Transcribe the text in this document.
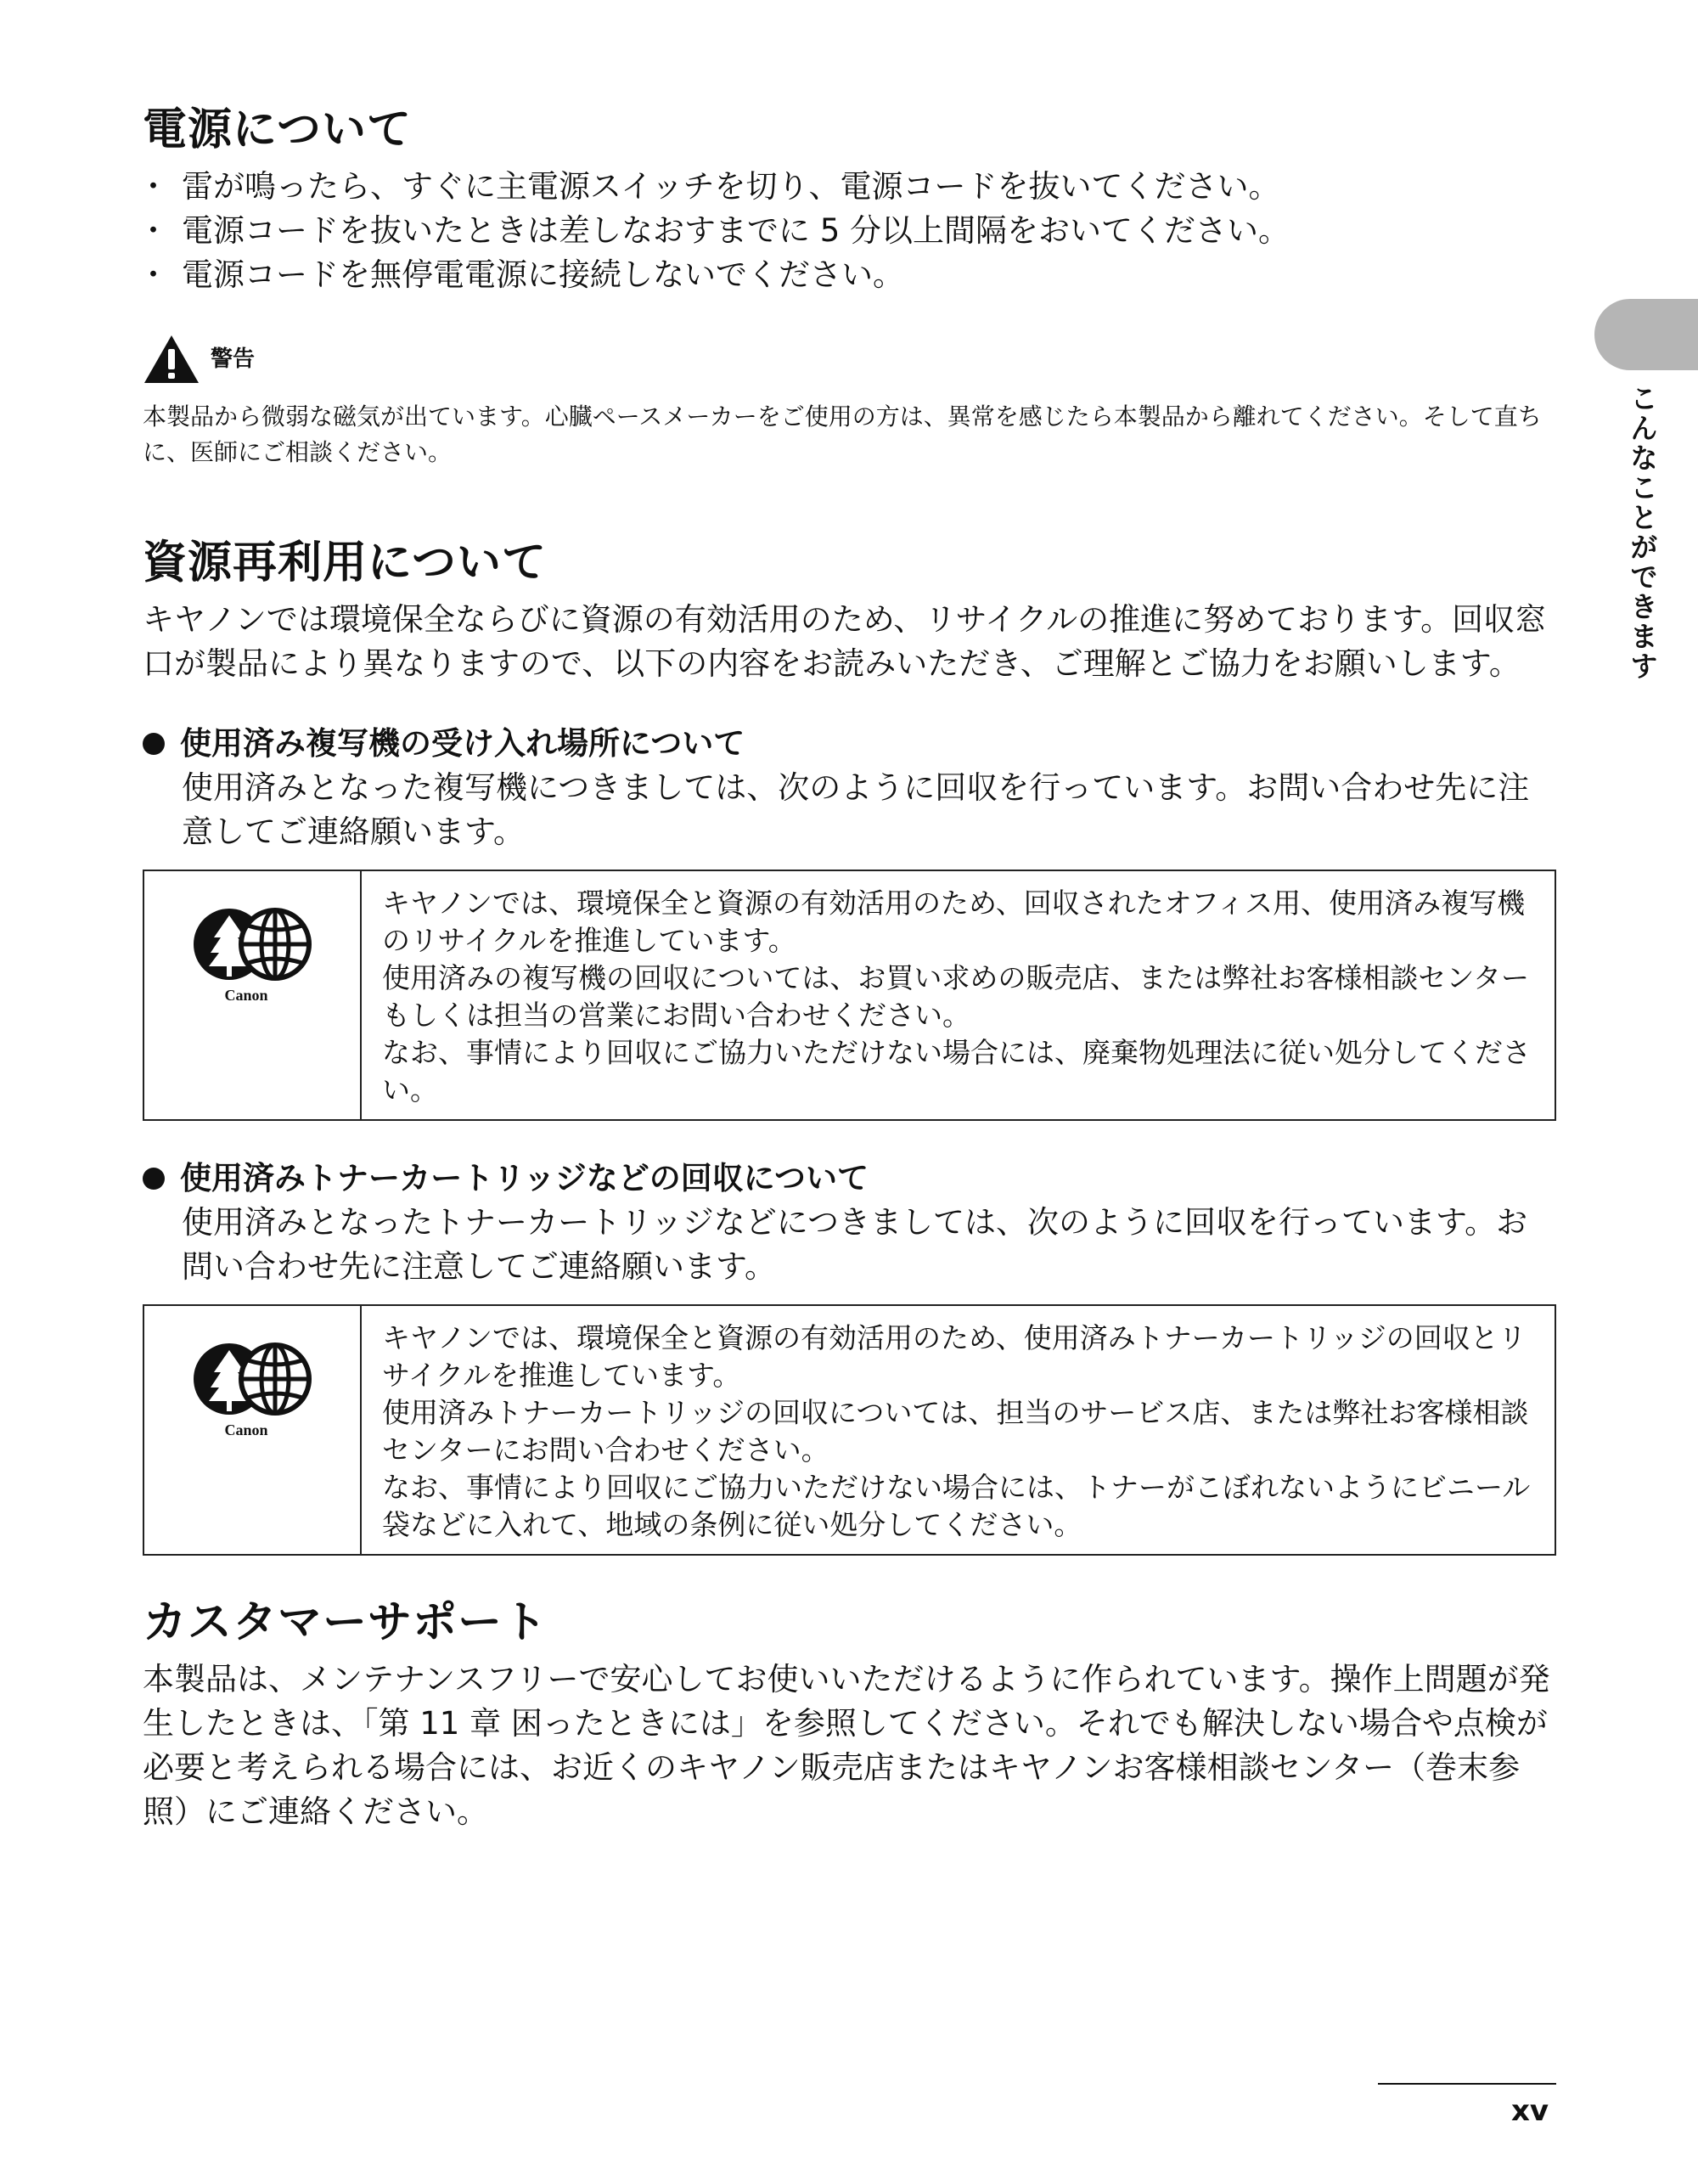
こんなことができます
電源について
・ 雷が鳴ったら、すぐに主電源スイッチを切り、電源コードを抜いてください。
・ 電源コードを抜いたときは差しなおすまでに 5 分以上間隔をおいてください。
・ 電源コードを無停電電源に接続しないでください。
警告

本製品から微弱な磁気が出ています。心臓ペースメーカーをご使用の方は、異常を感じたら本製品から離れてください。そして直ちに、医師にご相談ください。

資源再利用について

キヤノンでは環境保全ならびに資源の有効活用のため、リサイクルの推進に努めております。回収窓口が製品により異なりますので、以下の内容をお読みいただき、ご理解とご協力をお願いします。

使用済み複写機の受け入れ場所について

使用済みとなった複写機につきましては、次のように回収を行っています。お問い合わせ先に注意してご連絡願います。

Canon

キヤノンでは、環境保全と資源の有効活用のため、回収されたオフィス用、使用済み複写機のリサイクルを推進しています。

使用済みの複写機の回収については、お買い求めの販売店、または弊社お客様相談センターもしくは担当の営業にお問い合わせください。

なお、事情により回収にご協力いただけない場合には、廃棄物処理法に従い処分してください。

使用済みトナーカートリッジなどの回収について

使用済みとなったトナーカートリッジなどにつきましては、次のように回収を行っています。お問い合わせ先に注意してご連絡願います。

Canon

キヤノンでは、環境保全と資源の有効活用のため、使用済みトナーカートリッジの回収とリサイクルを推進しています。

使用済みトナーカートリッジの回収については、担当のサービス店、または弊社お客様相談センターにお問い合わせください。

なお、事情により回収にご協力いただけない場合には、トナーがこぼれないようにビニール袋などに入れて、地域の条例に従い処分してください。

カスタマーサポート

本製品は、メンテナンスフリーで安心してお使いいただけるように作られています。操作上問題が発生したときは、「第 11 章 困ったときには」を参照してください。それでも解決しない場合や点検が必要と考えられる場合には、お近くのキヤノン販売店またはキヤノンお客様相談センター（巻末参照）にご連絡ください。

xv
